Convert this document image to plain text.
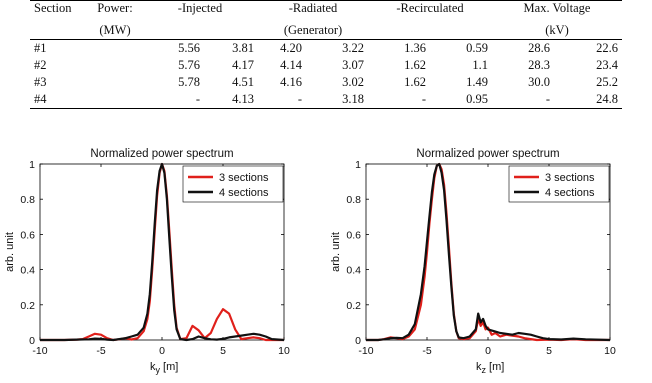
Section	Power:	-Injected		-Radiated		-Recirculated		Max. Voltage	
	(MW)			(Generator)				(kV)	
#1		5.56	3.81	4.20	3.22	1.36	0.59	28.6	22.6
#2		5.76	4.17	4.14	3.07	1.62	1.1	28.3	23.4
#3		5.78	4.51	4.16	3.02	1.62	1.49	30.0	25.2
#4		-	4.13	-	3.18	-	0.95	-	24.8
Normalized power spectrum
-10	-5	0	5	10
0
0.2
0.4
0.6
0.8
1
$k_y$ [m]
arb. unit
3 sections
4 sections
Normalized power spectrum
-10	-5	0	5	10
0
0.2
0.4
0.6
0.8
1
$k_z$ [m]
arb. unit
3 sections
4 sections
